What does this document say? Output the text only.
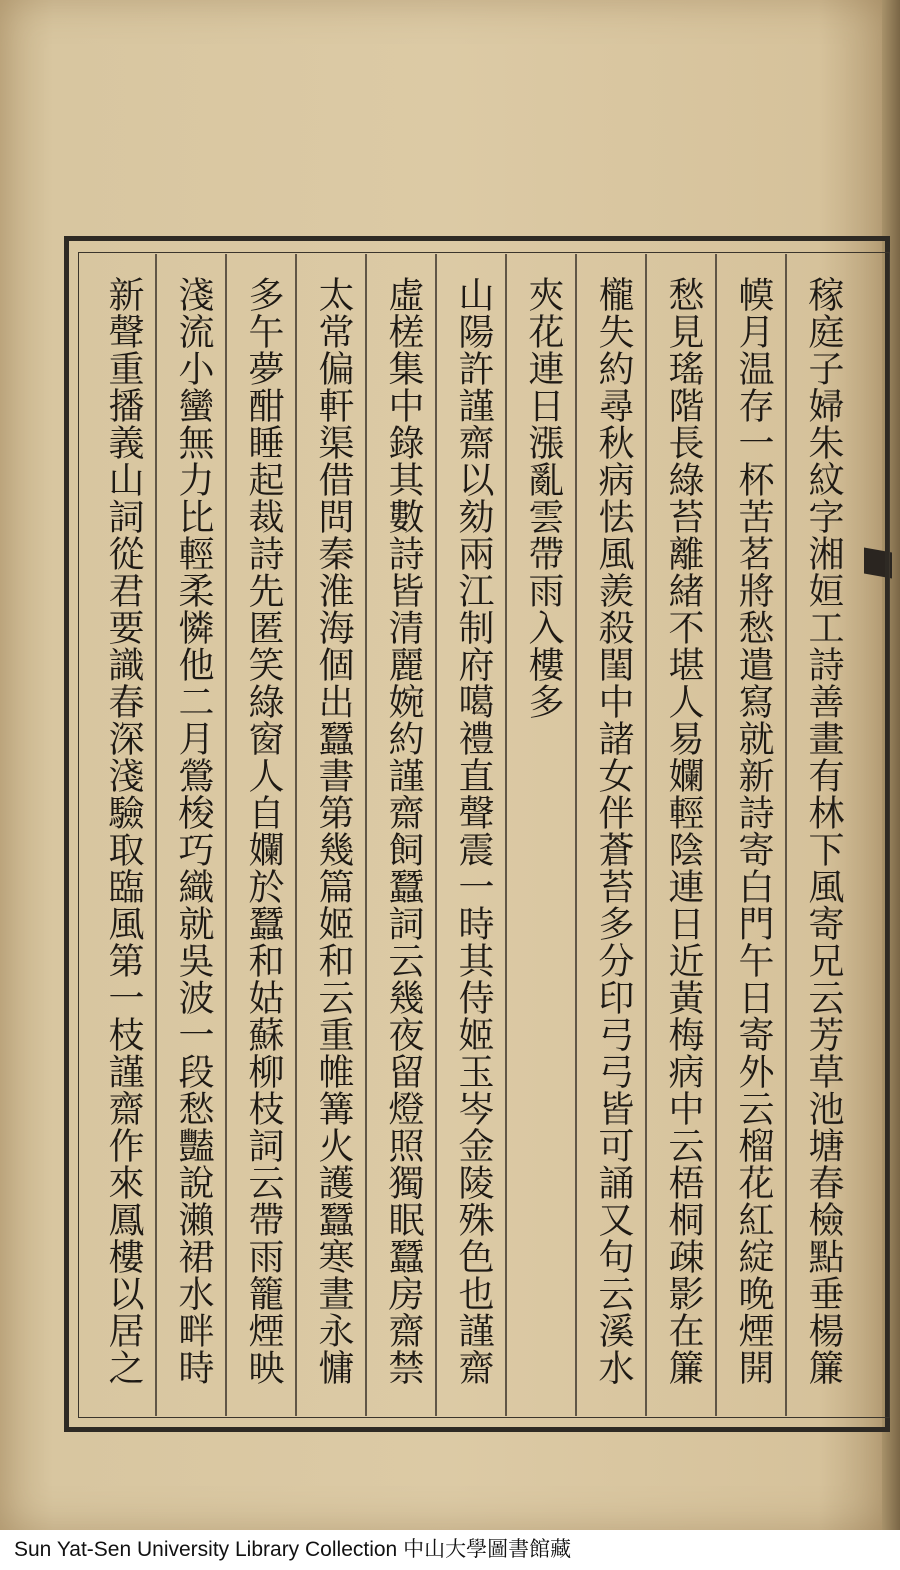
稼庭子婦朱紋字湘姮工詩善畫有林下風寄兄云芳草池塘春檢點垂楊簾
幙月温存一杯苦茗將愁遣寫就新詩寄白門午日寄外云榴花紅綻晚煙開
愁見瑤階長綠苔離緒不堪人易孄輕陰連日近黃梅病中云梧桐疎影在簾
櫳失約尋秋病怯風羨殺閨中諸女伴蒼苔多分印弓弓皆可誦又句云溪水
夾花連日漲亂雲帶雨入樓多
山陽許謹齋以劾兩江制府噶禮直聲震一時其侍姬玉岑金陵殊色也謹齋
虛槎集中錄其數詩皆清麗婉約謹齋飼蠶詞云幾夜留燈照獨眠蠶房齋禁
太常偏軒渠借問秦淮海個出蠶書第幾篇姬和云重帷篝火護蠶寒晝永慵
多午夢酣睡起裁詩先匿笑綠窗人自孄於蠶和姑蘇柳枝詞云帶雨籠煙映
淺流小蠻無力比輕柔憐他二月鶯梭巧織就吳波一段愁豔說瀨裙水畔時
新聲重播義山詞從君要識春深淺驗取臨風第一枝謹齋作來鳳樓以居之
Sun Yat-Sen University Library Collection 中山大學圖書館藏
